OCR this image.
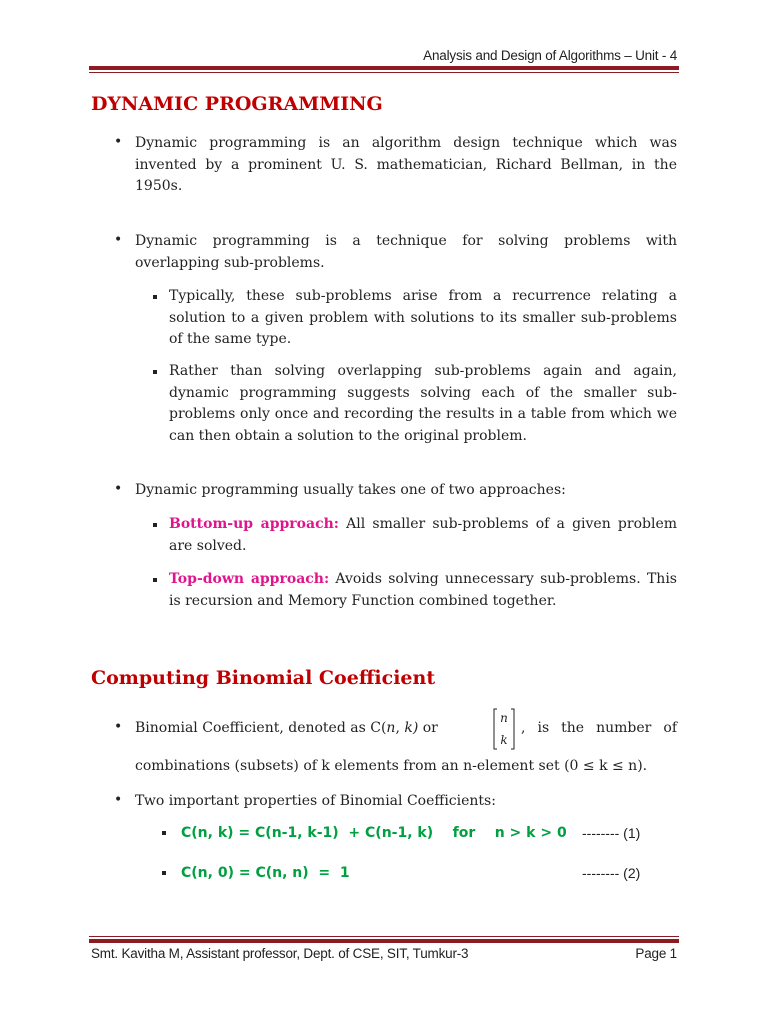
Analysis and Design of Algorithms – Unit - 4
DYNAMIC PROGRAMMING
• Dynamic programming is an algorithm design technique which was invented by a prominent U. S. mathematician, Richard Bellman, in the 1950s.
• Dynamic programming is a technique for solving problems with overlapping sub-problems.
Typically, these sub-problems arise from a recurrence relating a solution to a given problem with solutions to its smaller sub-problems of the same type.
Rather than solving overlapping sub-problems again and again, dynamic programming suggests solving each of the smaller sub-problems only once and recording the results in a table from which we can then obtain a solution to the original problem.
• Dynamic programming usually takes one of two approaches:
Bottom-up approach: All smaller sub-problems of a given problem are solved.
Top-down approach: Avoids solving unnecessary sub-problems. This is recursion and Memory Function combined together.
Computing Binomial Coefficient
• Binomial Coefficient, denoted as C(n, k) or
n
k
, is the number of
combinations (subsets) of k elements from an n-element set (0 ≤ k ≤ n).
• Two important properties of Binomial Coefficients:
C(n, k) = C(n-1, k-1)  + C(n-1, k)    for    n > k > 0 -------- (1)
C(n, 0) = C(n, n)  =  1	-------- (2)
Smt. Kavitha M, Assistant professor, Dept. of CSE, SIT, Tumkur-3	Page 1
